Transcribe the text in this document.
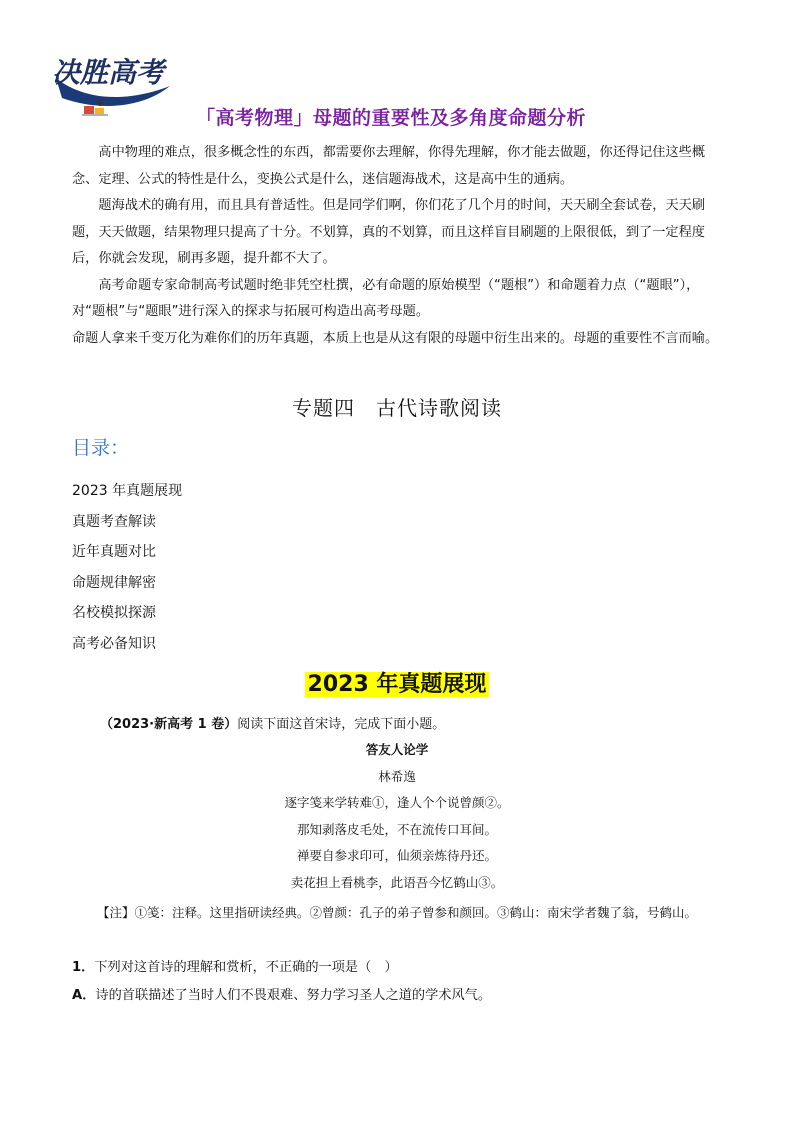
决胜高考
「高考物理」母题的重要性及多角度命题分析

高中物理的难点，很多概念性的东西，都需要你去理解，你得先理解，你才能去做题，你还得记住这些概念、定理、公式的特性是什么，变换公式是什么，迷信题海战术，这是高中生的通病。

题海战术的确有用，而且具有普适性。但是同学们啊，你们花了几个月的时间，天天刷全套试卷，天天刷题，天天做题，结果物理只提高了十分。不划算，真的不划算，而且这样盲目刷题的上限很低，到了一定程度后，你就会发现，刷再多题，提升都不大了。

高考命题专家命制高考试题时绝非凭空杜撰，必有命题的原始模型（“题根”）和命题着力点（“题眼”），对“题根”与“题眼”进行深入的探求与拓展可构造出高考母题。

命题人拿来千变万化为难你们的历年真题，本质上也是从这有限的母题中衍生出来的。母题的重要性不言而喻。

专题四　古代诗歌阅读
目录：
2023 年真题展现
真题考查解读
近年真题对比
命题规律解密
名校模拟探源
高考必备知识
2023 年真题展现
（2023·新高考 1 卷）阅读下面这首宋诗，完成下面小题。
答友人论学
林希逸
逐字笺来学转难①，逢人个个说曾颜②。
那知剥落皮毛处，不在流传口耳间。
禅要自参求印可，仙须亲炼待丹还。
卖花担上看桃李，此语吾今忆鹤山③。
【注】①笺：注释。这里指研读经典。②曾颜：孔子的弟子曾参和颜回。③鹤山：南宋学者魏了翁，号鹤山。
1．下列对这首诗的理解和赏析，不正确的一项是（　）
A．诗的首联描述了当时人们不畏艰难、努力学习圣人之道的学术风气。
